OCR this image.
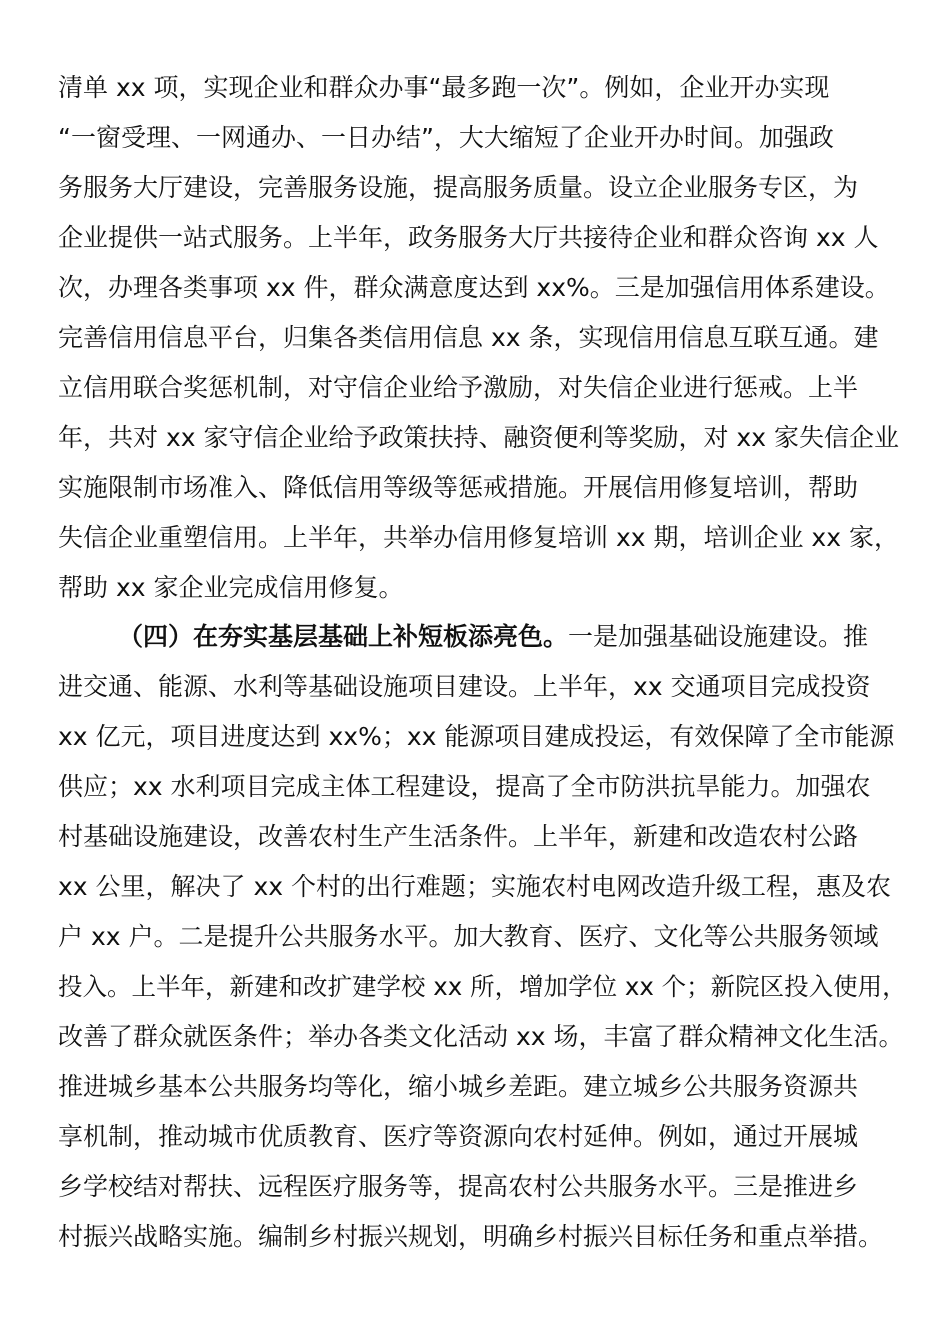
清单 xx 项，实现企业和群众办事“最多跑一次”。例如，企业开办实现
“一窗受理、一网通办、一日办结”，大大缩短了企业开办时间。加强政
务服务大厅建设，完善服务设施，提高服务质量。设立企业服务专区，为
企业提供一站式服务。上半年，政务服务大厅共接待企业和群众咨询 xx 人
次，办理各类事项 xx 件，群众满意度达到 xx%。三是加强信用体系建设。
完善信用信息平台，归集各类信用信息 xx 条，实现信用信息互联互通。建
立信用联合奖惩机制，对守信企业给予激励，对失信企业进行惩戒。上半
年，共对 xx 家守信企业给予政策扶持、融资便利等奖励，对 xx 家失信企业
实施限制市场准入、降低信用等级等惩戒措施。开展信用修复培训，帮助
失信企业重塑信用。上半年，共举办信用修复培训 xx 期，培训企业 xx 家，
帮助 xx 家企业完成信用修复。
（四）在夯实基层基础上补短板添亮色。一是加强基础设施建设。推
进交通、能源、水利等基础设施项目建设。上半年，xx 交通项目完成投资
xx 亿元，项目进度达到 xx%；xx 能源项目建成投运，有效保障了全市能源
供应；xx 水利项目完成主体工程建设，提高了全市防洪抗旱能力。加强农
村基础设施建设，改善农村生产生活条件。上半年，新建和改造农村公路
xx 公里，解决了 xx 个村的出行难题；实施农村电网改造升级工程，惠及农
户 xx 户。二是提升公共服务水平。加大教育、医疗、文化等公共服务领域
投入。上半年，新建和改扩建学校 xx 所，增加学位 xx 个；新院区投入使用，
改善了群众就医条件；举办各类文化活动 xx 场，丰富了群众精神文化生活。
推进城乡基本公共服务均等化，缩小城乡差距。建立城乡公共服务资源共
享机制，推动城市优质教育、医疗等资源向农村延伸。例如，通过开展城
乡学校结对帮扶、远程医疗服务等，提高农村公共服务水平。三是推进乡
村振兴战略实施。编制乡村振兴规划，明确乡村振兴目标任务和重点举措。
